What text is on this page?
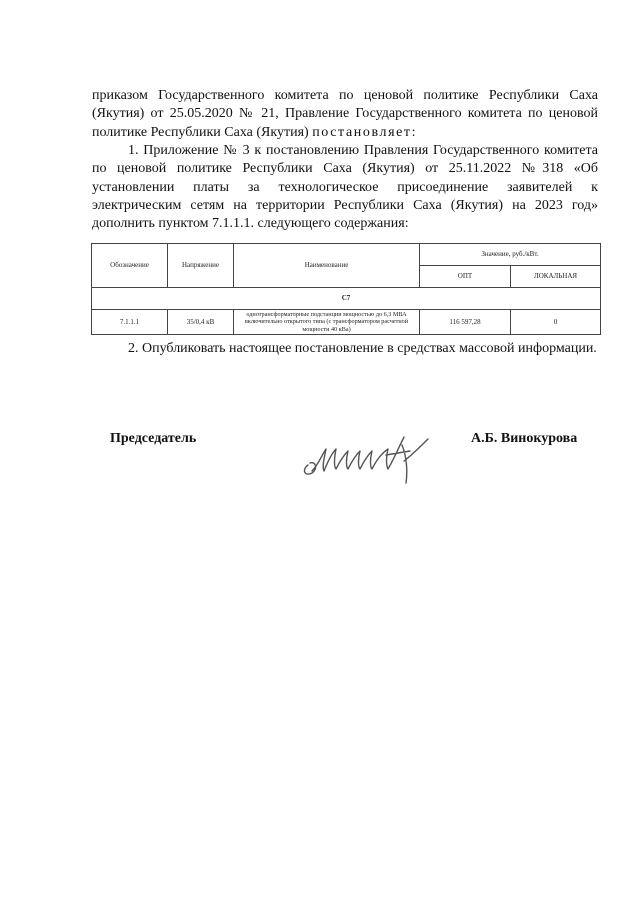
приказом Государственного комитета по ценовой политике Республики Саха (Якутия) от 25.05.2020 № 21, Правление Государственного комитета по ценовой политике Республики Саха (Якутия) постановляет:
1. Приложение № 3 к постановлению Правления Государственного комитета по ценовой политике Республики Саха (Якутия) от 25.11.2022 №318 «Об установлении платы за технологическое присоединение заявителей к электрическим сетям на территории Республики Саха (Якутия) на 2023 год» дополнить пунктом 7.1.1.1. следующего содержания:
Обозначение	Напряжение	Наименование	Значение, руб./кВт.	
			ОПТ	ЛОКАЛЬНАЯ
С7				
7.1.1.1	35/0,4 кВ	однотрансформаторные подстанции мощностью до 6,3 МВА включительно открытого типа (с трансформатором расчетной мощности 40 кВа)	116 597,28	0
2. Опубликовать настоящее постановление в средствах массовой информации.
Председатель	А.Б. Винокурова
